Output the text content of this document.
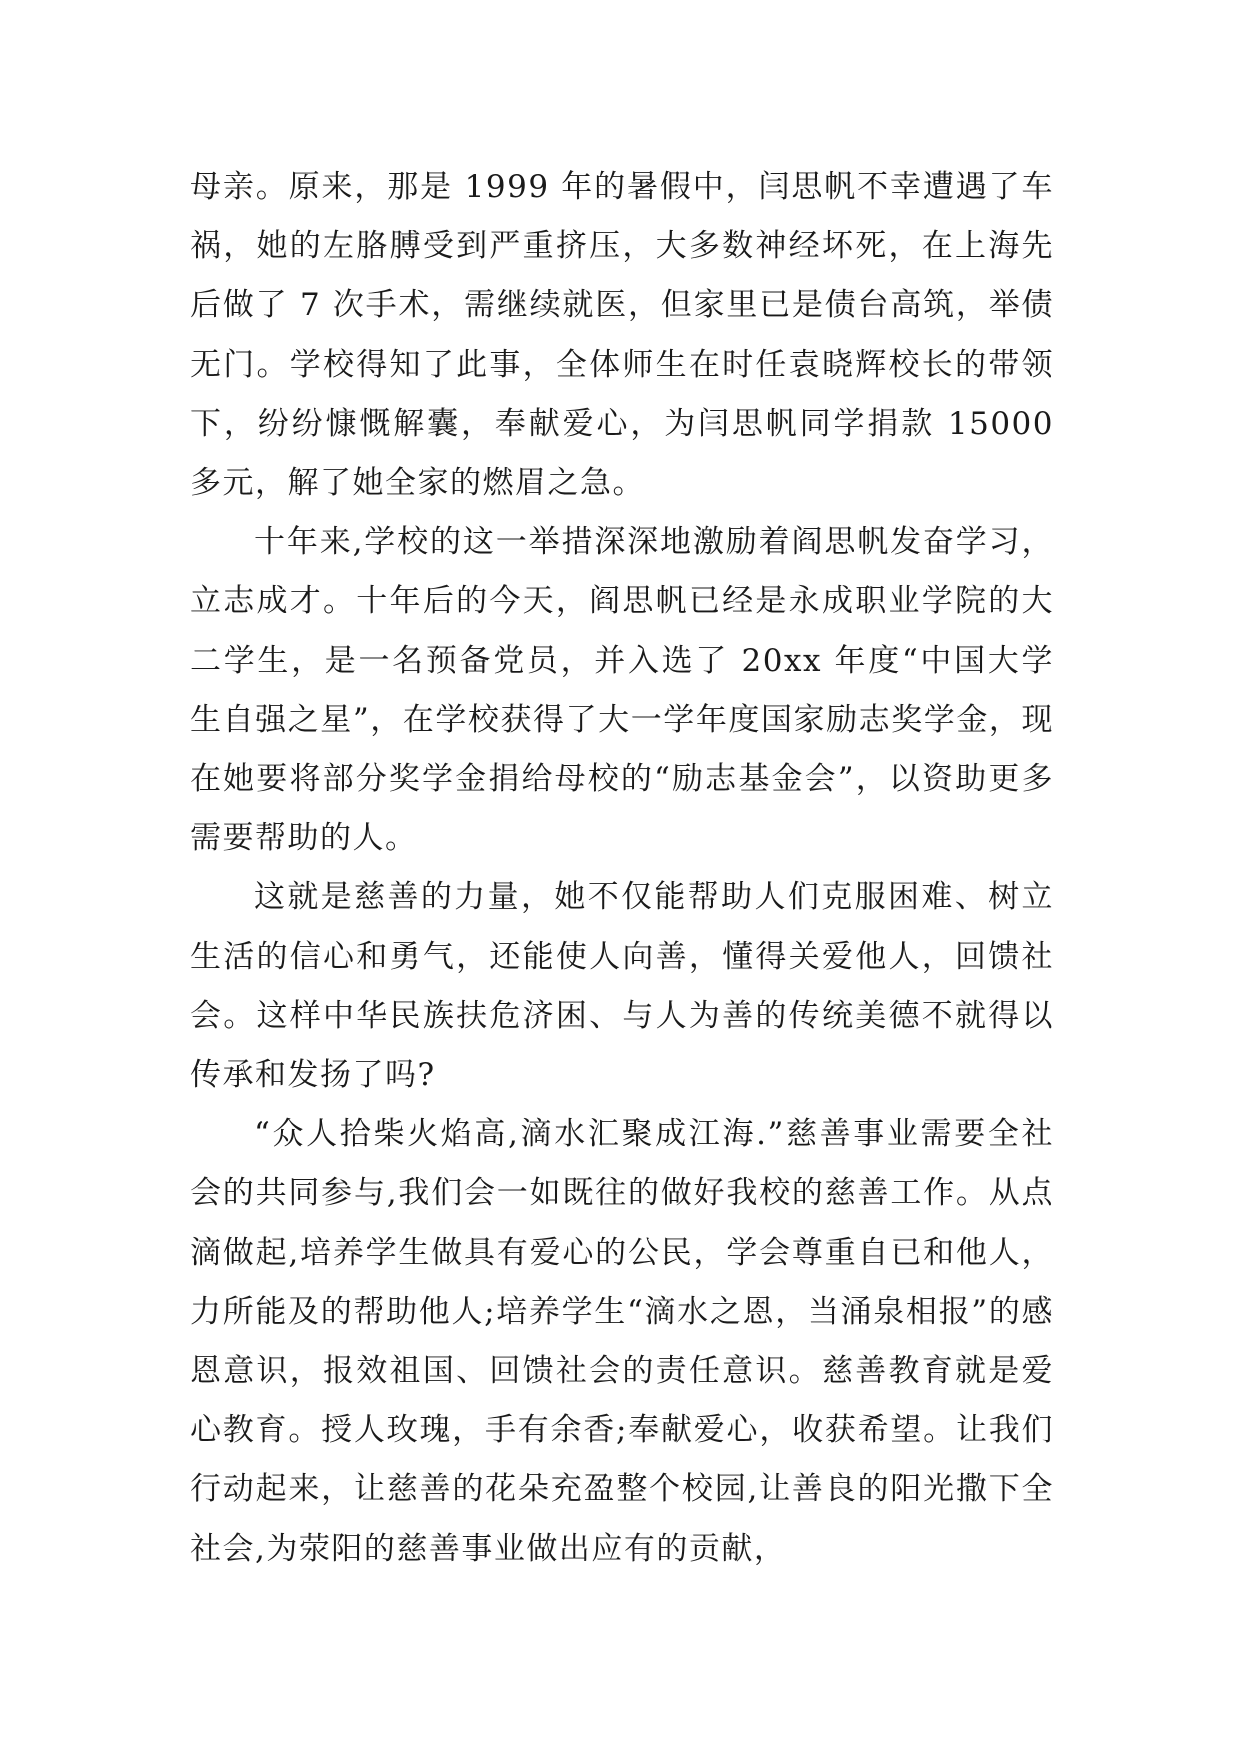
母亲。原来，那是 1999 年的暑假中，闫思帆不幸遭遇了车祸，她的左胳膊受到严重挤压，大多数神经坏死，在上海先后做了 7 次手术，需继续就医，但家里已是债台高筑，举债无门。学校得知了此事，全体师生在时任袁晓辉校长的带领下，纷纷慷慨解囊，奉献爱心，为闫思帆同学捐款 15000 多元，解了她全家的燃眉之急。

十年来,学校的这一举措深深地激励着阎思帆发奋学习，立志成才。十年后的今天，阎思帆已经是永成职业学院的大二学生，是一名预备党员，并入选了 20xx 年度“中国大学生自强之星”，在学校获得了大一学年度国家励志奖学金，现在她要将部分奖学金捐给母校的“励志基金会”，以资助更多需要帮助的人。

这就是慈善的力量，她不仅能帮助人们克服困难、树立生活的信心和勇气，还能使人向善，懂得关爱他人，回馈社会。这样中华民族扶危济困、与人为善的传统美德不就得以传承和发扬了吗?

“众人拾柴火焰高,滴水汇聚成江海.”慈善事业需要全社会的共同参与,我们会一如既往的做好我校的慈善工作。从点滴做起,培养学生做具有爱心的公民，学会尊重自已和他人，力所能及的帮助他人;培养学生“滴水之恩，当涌泉相报”的感恩意识，报效祖国、回馈社会的责任意识。慈善教育就是爱心教育。授人玫瑰，手有余香;奉献爱心，收获希望。让我们行动起来，让慈善的花朵充盈整个校园,让善良的阳光撒下全社会,为荥阳的慈善事业做出应有的贡献，
